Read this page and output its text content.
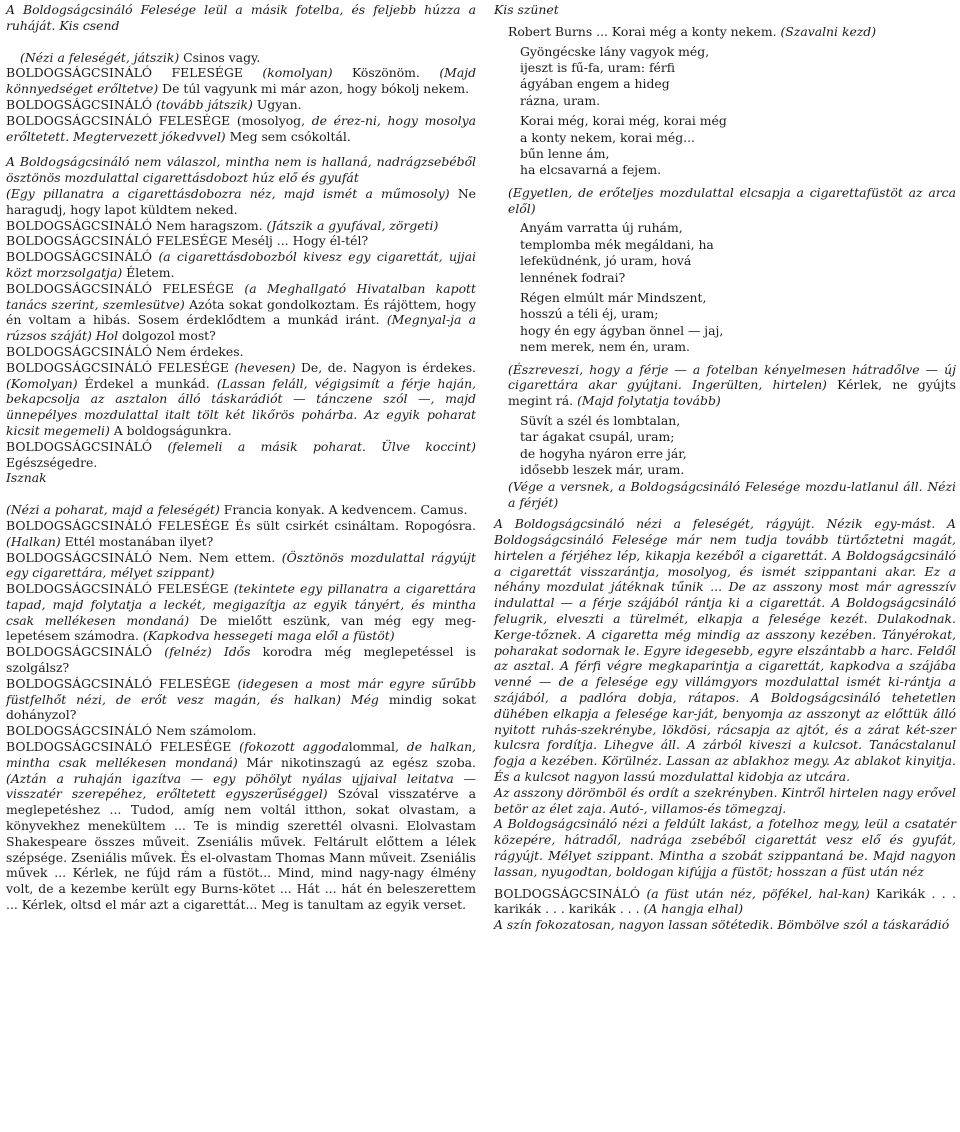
A Boldogságcsináló Felesége leül a másik fotelba, és feljebb húzza a ruháját. Kis csend

(Nézi a feleségét, játszik) Csinos vagy.

BOLDOGSÁGCSINÁLÓ FELESÉGE (komolyan) Köszönöm. (Majd könnyedséget erőltetve) De túl vagyunk mi már azon, hogy bókolj nekem.

BOLDOGSÁGCSINÁLÓ (tovább játszik) Ugyan.

BOLDOGSÁGCSINÁLÓ FELESÉGE (mosolyog, de érez-ni, hogy mosolya erőltetett. Megtervezett jókedvvel) Meg sem csókoltál.

A Boldogságcsináló nem válaszol, mintha nem is hallaná, nadrágzsebéből ösztönös mozdulattal cigarettásdobozt húz elő és gyufát

(Egy pillanatra a cigarettásdobozra néz, majd ismét a műmosoly) Ne haragudj, hogy lapot küldtem neked.

BOLDOGSÁGCSINÁLÓ Nem haragszom. (Játszik a gyufával, zörgeti)

BOLDOGSÁGCSINÁLÓ FELESÉGE Mesélj ... Hogy él-tél?

BOLDOGSÁGCSINÁLÓ (a cigarettásdobozból kivesz egy cigarettát, ujjai közt morzsolgatja) Életem.

BOLDOGSÁGCSINÁLÓ FELESÉGE (a Meghallgató Hivatalban kapott tanács szerint, szemlesütve) Azóta sokat gondolkoztam. És rájöttem, hogy én voltam a hibás. Sosem érdeklődtem a munkád iránt. (Megnyal-ja a rúzsos száját) Hol dolgozol most?

BOLDOGSÁGCSINÁLÓ Nem érdekes.

BOLDOGSÁGCSINÁLÓ FELESÉGE (hevesen) De, de. Nagyon is érdekes. (Komolyan) Érdekel a munkád. (Lassan feláll, végigsimít a férje haján, bekapcsolja az asztalon álló táskarádiót — tánczene szól —, majd ünnepélyes mozdulattal italt tölt két likőrös pohárba. Az egyik poharat kicsit megemeli) A boldogságunkra.

BOLDOGSÁGCSINÁLÓ (felemeli a másik poharat. Ülve koccint) Egészségedre.

Isznak

(Nézi a poharat, majd a feleségét) Francia konyak. A kedvencem. Camus.

BOLDOGSÁGCSINÁLÓ FELESÉGE És sült csirkét csináltam. Ropogósra. (Halkan) Ettél mostanában ilyet?

BOLDOGSÁGCSINÁLÓ Nem. Nem ettem. (Ösztönös mozdulattal rágyújt egy cigarettára, mélyet szippant)

BOLDOGSÁGCSINÁLÓ FELESÉGE (tekintete egy pillanatra a cigarettára tapad, majd folytatja a leckét, megigazítja az egyik tányért, és mintha csak mellékesen mondaná) De mielőtt eszünk, van még egy meg-lepetésem számodra. (Kapkodva hessegeti maga elől a füstöt)

BOLDOGSÁGCSINÁLÓ (felnéz) Idős korodra még meglepetéssel is szolgálsz?

BOLDOGSÁGCSINÁLÓ FELESÉGE (idegesen a most már egyre sűrűbb füstfelhőt nézi, de erőt vesz magán, és halkan) Még mindig sokat dohányzol?

BOLDOGSÁGCSINÁLÓ Nem számolom.

BOLDOGSÁGCSINÁLÓ FELESÉGE (fokozott aggodalommal, de halkan, mintha csak mellékesen mondaná) Már nikotinszagú az egész szoba. (Aztán a ruhaján igazítva — egy pöhölyt nyálas ujjaival leitatva — visszatér szerepéhez, erőltetett egyszerűséggel) Szóval visszatérve a meglepetéshez ... Tudod, amíg nem voltál itthon, sokat olvastam, a könyvekhez menekültem ... Te is mindig szerettél olvasni. Elolvastam Shakespeare összes műveit. Zseniális művek. Feltárult előttem a lélek szépsége. Zseniális művek. És el-olvastam Thomas Mann műveit. Zseniális művek ... Kérlek, ne fújd rám a füstöt... Mind, mind nagy-nagy élmény volt, de a kezembe került egy Burns-kötet ... Hát ... hát én beleszerettem ... Kérlek, oltsd el már azt a cigarettát... Meg is tanultam az egyik verset.

Kis szünet

Robert Burns ... Korai még a konty nekem. (Szavalni kezd)

Gyöngécske lány vagyok még,
ijeszt is fű-fa, uram: férfi
ágyában engem a hideg
rázna, uram.
Korai még, korai még, korai még
a konty nekem, korai még...
bűn lenne ám,
ha elcsavarná a fejem.

(Egyetlen, de erőteljes mozdulattal elcsapja a cigarettafüstöt az arca elől)

Anyám varratta új ruhám,
templomba mék megáldani, ha
lefeküdnénk, jó uram, hová
lennének fodrai?
Régen elmúlt már Mindszent,
hosszú a téli éj, uram;
hogy én egy ágyban önnel — jaj,
nem merek, nem én, uram.

(Észreveszi, hogy a férje — a fotelban kényelmesen hátradőlve — új cigarettára akar gyújtani. Ingerülten, hirtelen) Kérlek, ne gyújts megint rá. (Majd folytatja tovább)

Süvít a szél és lombtalan,
tar ágakat csupál, uram;
de hogyha nyáron erre jár,
idősebb leszek már, uram.

(Vége a versnek, a Boldogságcsináló Felesége mozdu-latlanul áll. Nézi a férjét)

A Boldogságcsináló nézi a feleségét, rágyújt. Nézik egy-mást. A Boldogságcsináló Felesége már nem tudja tovább türtőztetni magát, hirtelen a férjéhez lép, kikapja kezéből a cigarettát. A Boldogságcsináló a cigarettát visszarántja, mosolyog, és ismét szippantani akar. Ez a néhány mozdulat játéknak tűnik ... De az asszony most már agresszív indulattal — a férje szájából rántja ki a cigarettát. A Boldogságcsináló felugrik, elveszti a türelmét, elkapja a felesége kezét. Dulakodnak. Kerge-tőznek. A cigaretta még mindig az asszony kezében. Tányérokat, poharakat sodornak le. Egyre idegesebb, egyre elszántabb a harc. Feldől az asztal. A férfi végre megkaparintja a cigarettát, kapkodva a szájába venné — de a felesége egy villámgyors mozdulattal ismét ki-rántja a szájából, a padlóra dobja, rátapos. A Boldogságcsináló tehetetlen dühében elkapja a felesége kar-ját, benyomja az asszonyt az előttük álló nyitott ruhás-szekrénybe, lökdösi, rácsapja az ajtót, és a zárat két-szer kulcsra fordítja. Lihegve áll. A zárból kiveszi a kulcsot. Tanácstalanul fogja a kezében. Körülnéz. Lassan az ablakhoz megy. Az ablakot kinyitja. És a kulcsot nagyon lassú mozdulattal kidobja az utcára.

Az asszony dörömböl és ordít a szekrényben. Kintről hirtelen nagy erővel betör az élet zaja. Autó-, villamos-és tömegzaj.

A Boldogságcsináló nézi a feldúlt lakást, a fotelhoz megy, leül a csatatér közepére, hátradől, nadrága zsebéből cigarettát vesz elő és gyufát, rágyújt. Mélyet szippant. Mintha a szobát szippantaná be. Majd nagyon lassan, nyugodtan, boldogan kifújja a füstöt; hosszan a füst után néz

BOLDOGSÁGCSINÁLÓ (a füst után néz, pöfékel, hal-kan) Karikák . . . karikák . . . karikák . . . (A hangja elhal)

A szín fokozatosan, nagyon lassan sötétedik. Bömbölve szól a táskarádió
